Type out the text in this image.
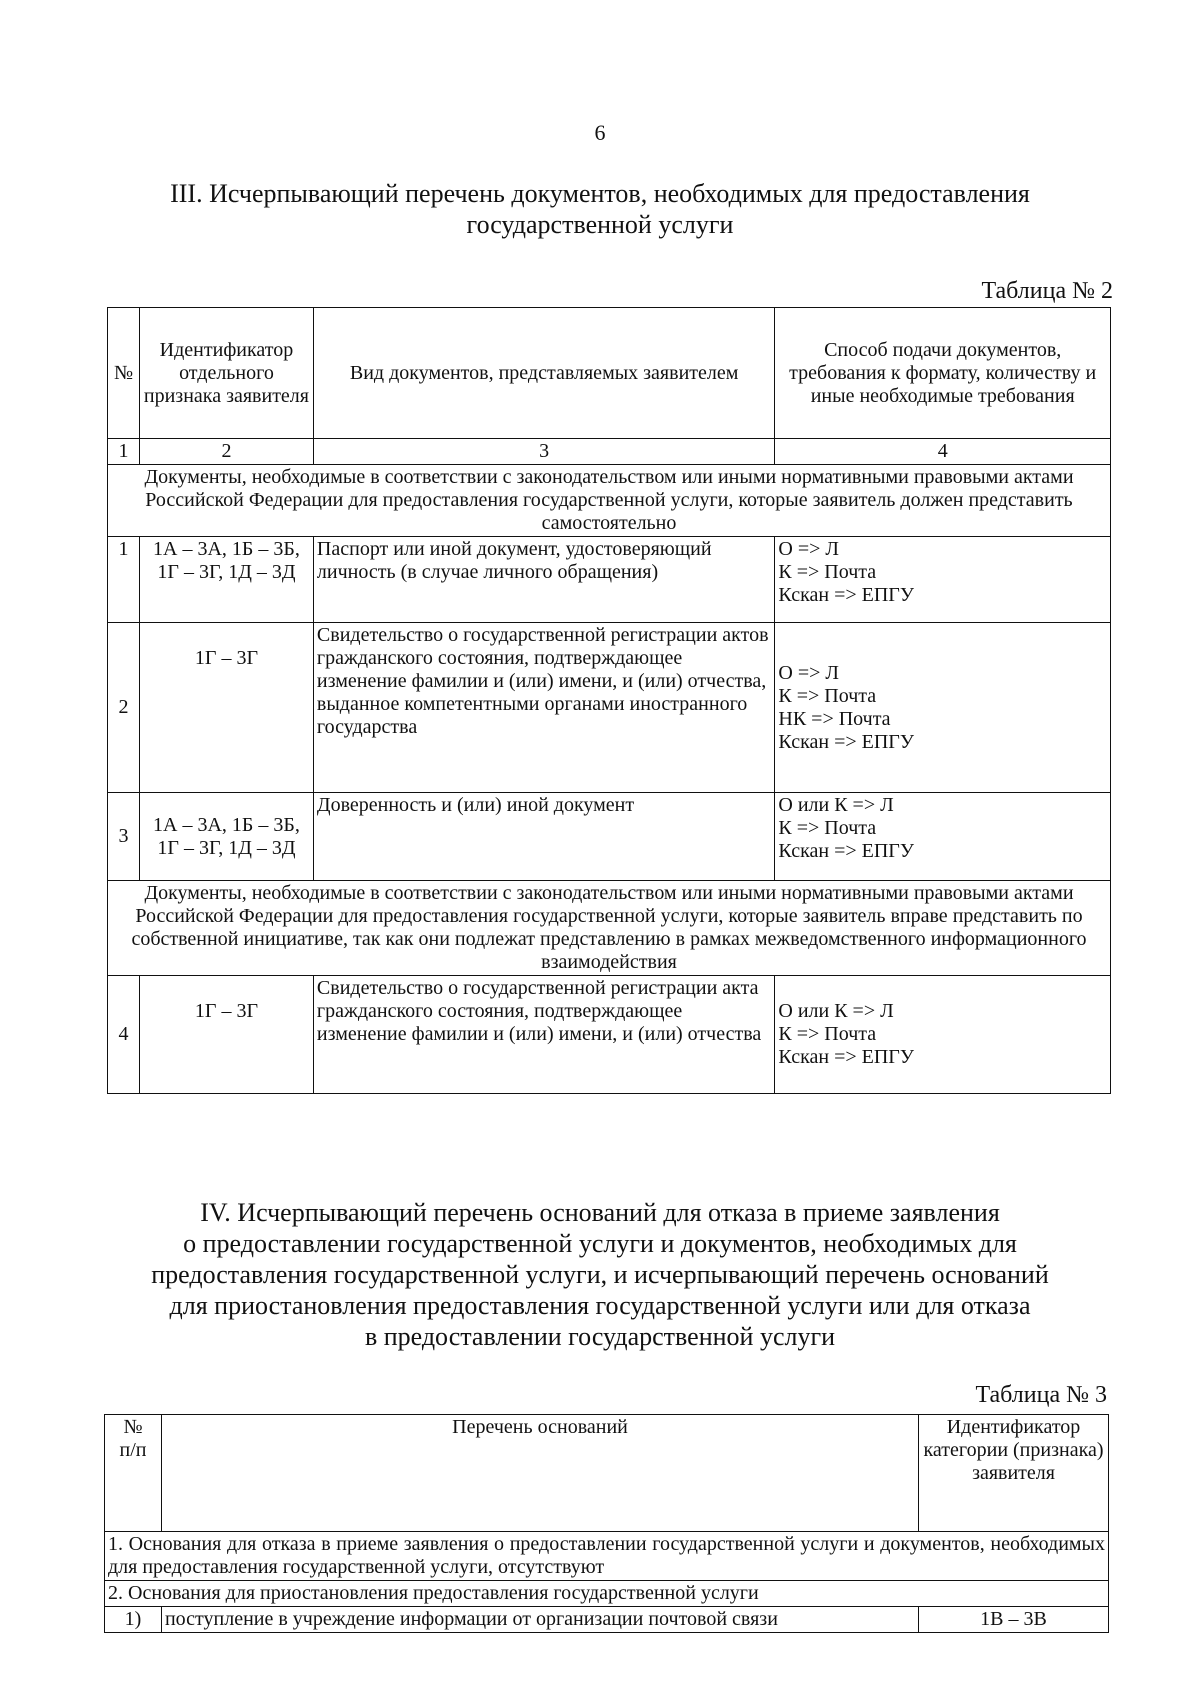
6
III. Исчерпывающий перечень документов, необходимых для предоставления
государственной услуги
Таблица № 2
№	Идентификатор отдельного признака заявителя	Вид документов, представляемых заявителем	Способ подачи документов, требования к формату, количеству и иные необходимые требования
1	2	3	4
Документы, необходимые в соответствии с законодательством или иными нормативными правовыми актами Российской Федерации для предоставления государственной услуги, которые заявитель должен представить самостоятельно			
1	1А – 3А, 1Б – 3Б,
1Г – 3Г, 1Д – 3Д	Паспорт или иной документ, удостоверяющий личность (в случае личного обращения)	О => Л
К => Почта
Кскан => ЕПГУ

2	1Г – 3Г	Свидетельство о государственной регистрации актов гражданского состояния, подтверждающее изменение фамилии и (или) имени, и (или) отчества, выданное компетентными органами иностранного государства	О => Л
К => Почта
НК => Почта
Кскан => ЕПГУ

3	1А – 3А, 1Б – 3Б,
1Г – 3Г, 1Д – 3Д	Доверенность и (или) иной документ	О или К => Л
К => Почта
Кскан => ЕПГУ

Документы, необходимые в соответствии с законодательством или иными нормативными правовыми актами Российской Федерации для предоставления государственной услуги, которые заявитель вправе представить по собственной инициативе, так как они подлежат представлению в рамках межведомственного информационного взаимодействия			
4	1Г – 3Г	Свидетельство о государственной регистрации акта гражданского состояния, подтверждающее изменение фамилии и (или) имени, и (или) отчества	О или К => Л
К => Почта
Кскан => ЕПГУ
IV. Исчерпывающий перечень оснований для отказа в приеме заявления
о предоставлении государственной услуги и документов, необходимых для
предоставления государственной услуги, и исчерпывающий перечень оснований
для приостановления предоставления государственной услуги или для отказа
в предоставлении государственной услуги
Таблица № 3
№ п/п	Перечень оснований	Идентификатор категории (признака) заявителя
1. Основания для отказа в приеме заявления о предоставлении государственной услуги и документов, необходимых для предоставления государственной услуги, отсутствуют		
2. Основания для приостановления предоставления государственной услуги		
1)	поступление в учреждение информации от организации почтовой связи	1В – 3В
